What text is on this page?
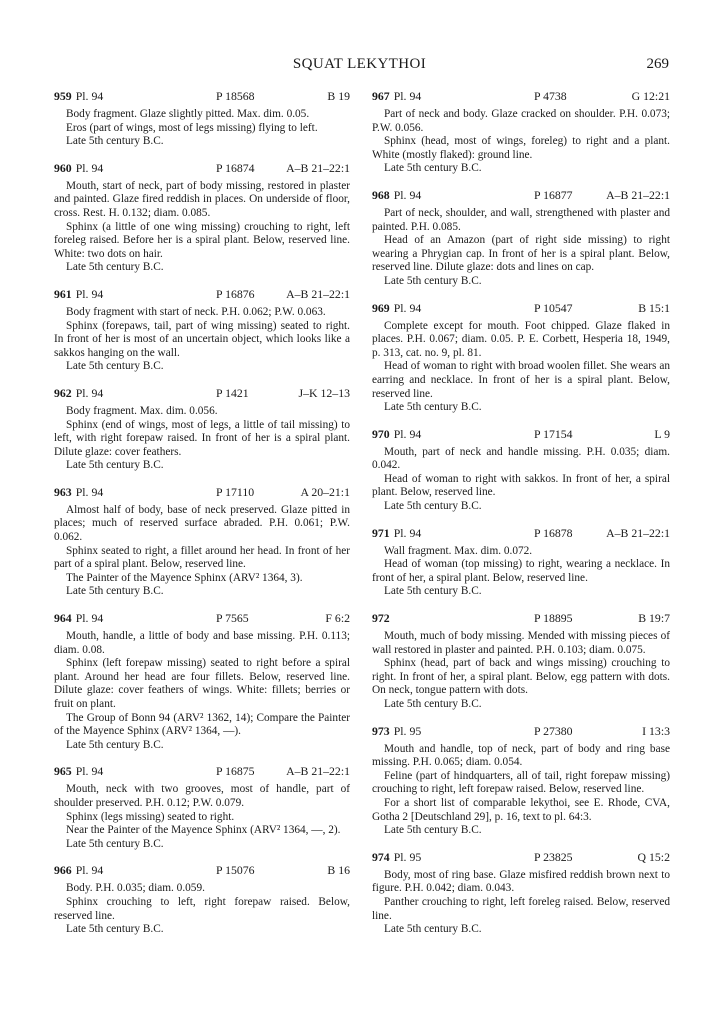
SQUAT LEKYTHOI	269
959 Pl. 94	P 18568	B 19

Body fragment. Glaze slightly pitted. Max. dim. 0.05.

Eros (part of wings, most of legs missing) flying to left.

Late 5th century B.C.

960 Pl. 94	P 16874	A–B 21–22:1

Mouth, start of neck, part of body missing, restored in plaster and painted. Glaze fired reddish in places. On underside of floor, cross. Rest. H. 0.132; diam. 0.085.

Sphinx (a little of one wing missing) crouching to right, left foreleg raised. Before her is a spiral plant. Below, reserved line. White: two dots on hair.

Late 5th century B.C.

961 Pl. 94	P 16876	A–B 21–22:1

Body fragment with start of neck. P.H. 0.062; P.W. 0.063.

Sphinx (forepaws, tail, part of wing missing) seated to right. In front of her is most of an uncertain object, which looks like a sakkos hanging on the wall.

Late 5th century B.C.

962 Pl. 94	P 1421	J–K 12–13

Body fragment. Max. dim. 0.056.

Sphinx (end of wings, most of legs, a little of tail missing) to left, with right forepaw raised. In front of her is a spiral plant. Dilute glaze: cover feathers.

Late 5th century B.C.

963 Pl. 94	P 17110	A 20–21:1

Almost half of body, base of neck preserved. Glaze pitted in places; much of reserved surface abraded. P.H. 0.061; P.W. 0.062.

Sphinx seated to right, a fillet around her head. In front of her part of a spiral plant. Below, reserved line.

The Painter of the Mayence Sphinx (ARV² 1364, 3).

Late 5th century B.C.

964 Pl. 94	P 7565	F 6:2

Mouth, handle, a little of body and base missing. P.H. 0.113; diam. 0.08.

Sphinx (left forepaw missing) seated to right before a spiral plant. Around her head are four fillets. Below, reserved line. Dilute glaze: cover feathers of wings. White: fillets; berries or fruit on plant.

The Group of Bonn 94 (ARV² 1362, 14); Compare the Painter of the Mayence Sphinx (ARV² 1364, —).

Late 5th century B.C.

965 Pl. 94	P 16875	A–B 21–22:1

Mouth, neck with two grooves, most of handle, part of shoulder preserved. P.H. 0.12; P.W. 0.079.

Sphinx (legs missing) seated to right.

Near the Painter of the Mayence Sphinx (ARV² 1364, —, 2).

Late 5th century B.C.

966 Pl. 94	P 15076	B 16

Body. P.H. 0.035; diam. 0.059.

Sphinx crouching to left, right forepaw raised. Below, reserved line.

Late 5th century B.C.

967 Pl. 94	P 4738	G 12:21

Part of neck and body. Glaze cracked on shoulder. P.H. 0.073; P.W. 0.056.

Sphinx (head, most of wings, foreleg) to right and a plant. White (mostly flaked): ground line.

Late 5th century B.C.

968 Pl. 94	P 16877	A–B 21–22:1

Part of neck, shoulder, and wall, strengthened with plaster and painted. P.H. 0.085.

Head of an Amazon (part of right side missing) to right wearing a Phrygian cap. In front of her is a spiral plant. Below, reserved line. Dilute glaze: dots and lines on cap.

Late 5th century B.C.

969 Pl. 94	P 10547	B 15:1

Complete except for mouth. Foot chipped. Glaze flaked in places. P.H. 0.067; diam. 0.05. P. E. Corbett, Hesperia 18, 1949, p. 313, cat. no. 9, pl. 81.

Head of woman to right with broad woolen fillet. She wears an earring and necklace. In front of her is a spiral plant. Below, reserved line.

Late 5th century B.C.

970 Pl. 94	P 17154	L 9

Mouth, part of neck and handle missing. P.H. 0.035; diam. 0.042.

Head of woman to right with sakkos. In front of her, a spiral plant. Below, reserved line.

Late 5th century B.C.

971 Pl. 94	P 16878	A–B 21–22:1

Wall fragment. Max. dim. 0.072.

Head of woman (top missing) to right, wearing a necklace. In front of her, a spiral plant. Below, reserved line.

Late 5th century B.C.

972	P 18895	B 19:7

Mouth, much of body missing. Mended with missing pieces of wall restored in plaster and painted. P.H. 0.103; diam. 0.075.

Sphinx (head, part of back and wings missing) crouching to right. In front of her, a spiral plant. Below, egg pattern with dots. On neck, tongue pattern with dots.

Late 5th century B.C.

973 Pl. 95	P 27380	I 13:3

Mouth and handle, top of neck, part of body and ring base missing. P.H. 0.065; diam. 0.054.

Feline (part of hindquarters, all of tail, right forepaw missing) crouching to right, left forepaw raised. Below, reserved line.

For a short list of comparable lekythoi, see E. Rhode, CVA, Gotha 2 [Deutschland 29], p. 16, text to pl. 64:3.

Late 5th century B.C.

974 Pl. 95	P 23825	Q 15:2

Body, most of ring base. Glaze misfired reddish brown next to figure. P.H. 0.042; diam. 0.043.

Panther crouching to right, left foreleg raised. Below, reserved line.

Late 5th century B.C.
